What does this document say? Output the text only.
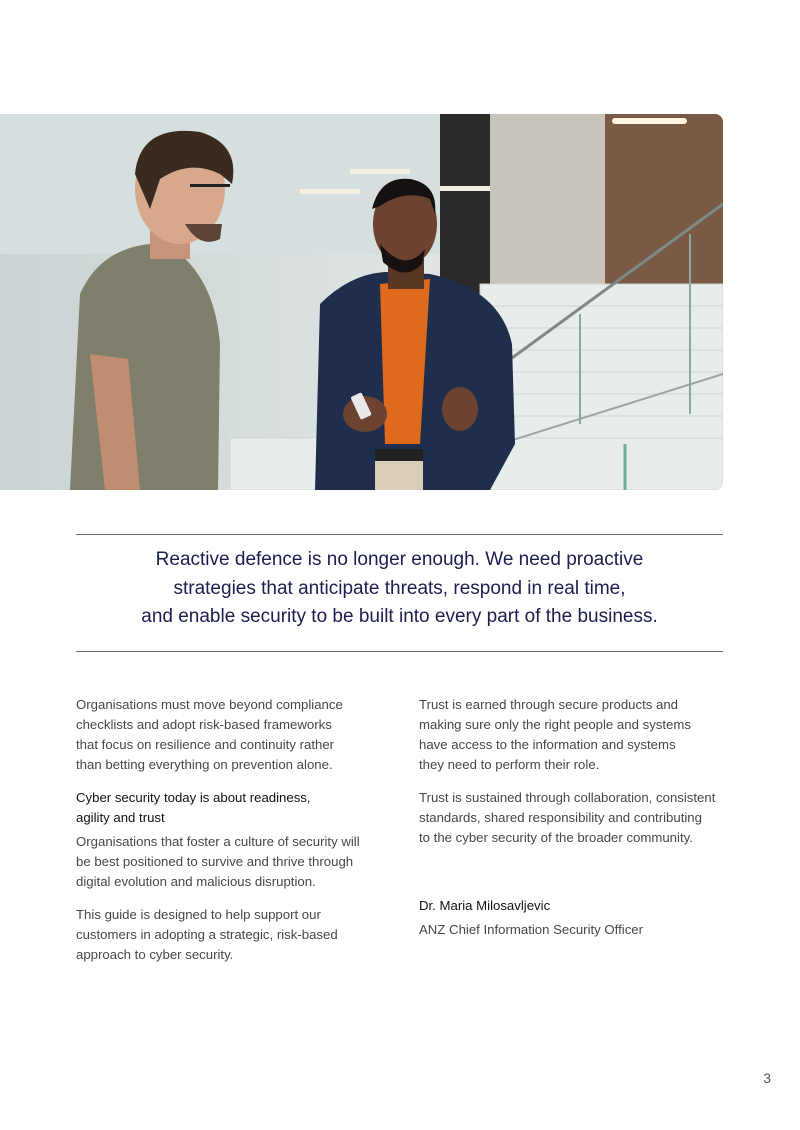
Reactive defence is no longer enough. We need proactive
strategies that anticipate threats, respond in real time,
and enable security to be built into every part of the business.

Organisations must move beyond compliance
checklists and adopt risk-based frameworks
that focus on resilience and continuity rather
than betting everything on prevention alone.

Cyber security today is about readiness,
agility and trust

Organisations that foster a culture of security will
be best positioned to survive and thrive through
digital evolution and malicious disruption.

This guide is designed to help support our
customers in adopting a strategic, risk-based
approach to cyber security.

Trust is earned through secure products and
making sure only the right people and systems
have access to the information and systems
they need to perform their role.

Trust is sustained through collaboration, consistent
standards, shared responsibility and contributing
to the cyber security of the broader community.

Dr. Maria Milosavljevic
ANZ Chief Information Security Officer
3
